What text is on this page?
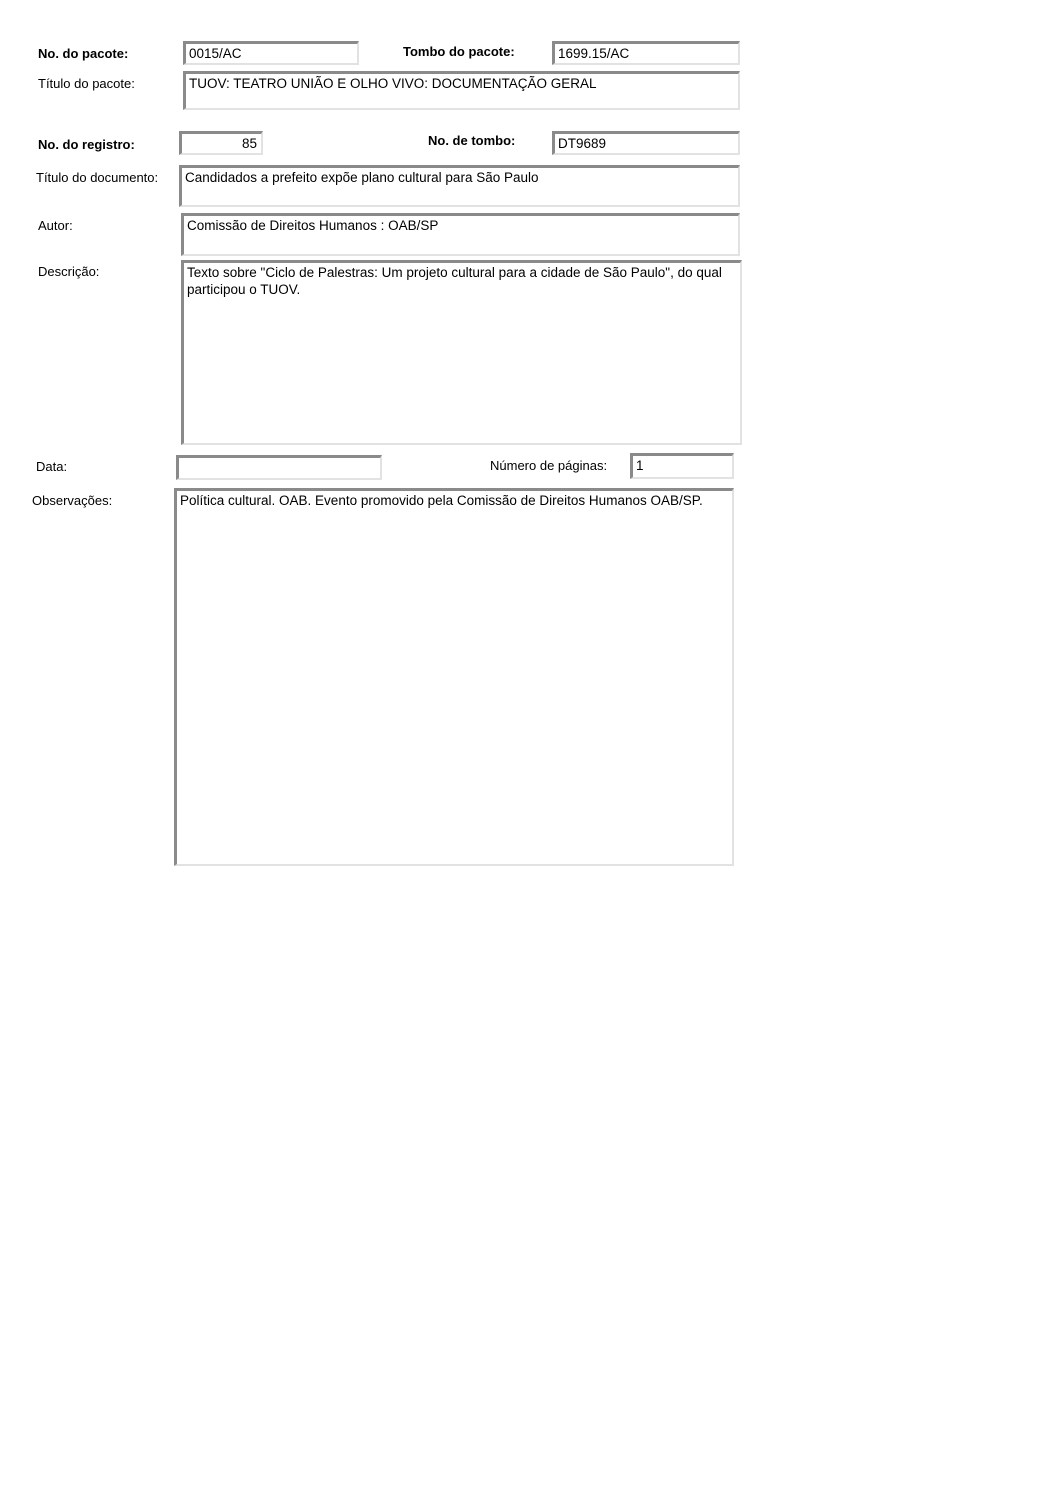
No. do pacote:	0015/AC	Tombo do pacote:	1699.15/AC
Título do pacote:	TUOV: TEATRO UNIÃO E OLHO VIVO: DOCUMENTAÇÃO GERAL
No. do registro:	85	No. de tombo:	DT9689
Título do documento:	Candidados a prefeito expõe plano cultural para São Paulo
Autor:	Comissão de Direitos Humanos : OAB/SP
Descrição:	Texto sobre "Ciclo de Palestras: Um projeto cultural para a cidade de São Paulo", do qual participou o TUOV.
Data:	Número de páginas:	1
Observações:	Política cultural. OAB. Evento promovido pela Comissão de Direitos Humanos OAB/SP.
